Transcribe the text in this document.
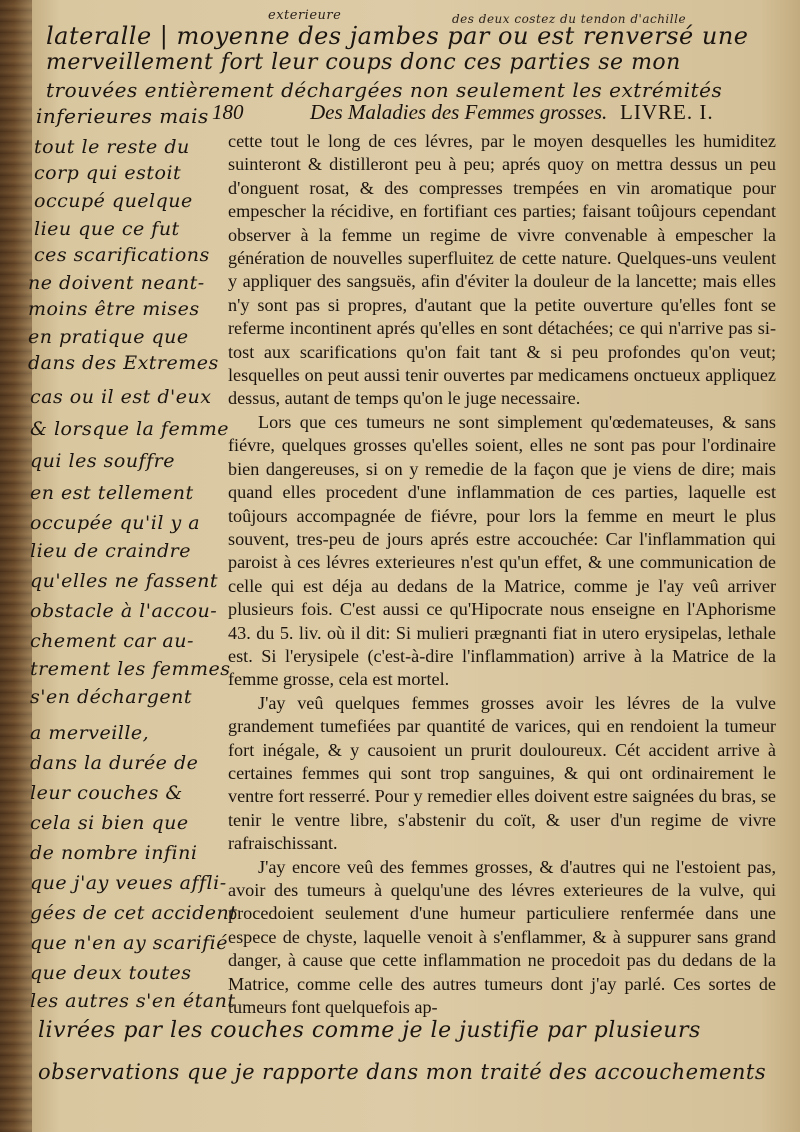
lateralle | moyenne des jambes par ou est renversé une
exterieure	des deux costez du tendon d'achille
merveillement fort leur coups donc ces parties se mon
trouvées entièrement déchargées non seulement les extrémités
inferieures mais 180	Des Maladies des Femmes grosses. LIVRE. I.
tout le reste du
corp qui estoit
occupé quelque
lieu que ce fut
ces scarifications
ne doivent neant-
moins être mises
en pratique que
dans des Extremes
cas ou il est d'eux
& lorsque la femme
qui les souffre
en est tellement
occupée qu'il y a
lieu de craindre
qu'elles ne fassent
obstacle à l'accou-
chement car au-
trement les femmes
s'en déchargent
a merveille,
dans la durée de
leur couches &
cela si bien que
de nombre infini
que j'ay veues affli-
gées de cet accident
que n'en ay scarifié
que deux toutes
les autres s'en étant

cette tout le long de ces lévres, par le moyen desquelles les humiditez suinteront & distilleront peu à peu; aprés quoy on mettra dessus un peu d'onguent rosat, & des compresses trempées en vin aromatique pour empescher la récidive, en fortifiant ces parties; faisant toûjours cependant observer à la femme un regime de vivre convenable à empescher la génération de nouvelles superfluitez de cette nature. Quelques-uns veulent y appliquer des sangsuës, afin d'éviter la douleur de la lancette; mais elles n'y sont pas si propres, d'autant que la petite ouverture qu'elles font se referme incontinent aprés qu'elles en sont détachées; ce qui n'arrive pas si-tost aux scarifications qu'on fait tant & si peu profondes qu'on veut; lesquelles on peut aussi tenir ouvertes par medicamens onctueux appliquez dessus, autant de temps qu'on le juge necessaire.

Lors que ces tumeurs ne sont simplement qu'œdemateuses, & sans fiévre, quelques grosses qu'elles soient, elles ne sont pas pour l'ordinaire bien dangereuses, si on y remedie de la façon que je viens de dire; mais quand elles procedent d'une inflammation de ces parties, laquelle est toûjours accompagnée de fiévre, pour lors la femme en meurt le plus souvent, tres-peu de jours aprés estre accouchée: Car l'inflammation qui paroist à ces lévres exterieures n'est qu'un effet, & une communication de celle qui est déja au dedans de la Matrice, comme je l'ay veû arriver plusieurs fois. C'est aussi ce qu'Hipocrate nous enseigne en l'Aphorisme 43. du 5. liv. où il dit: Si mulieri prægnanti fiat in utero erysipelas, lethale est. Si l'erysipele (c'est-à-dire l'inflammation) arrive à la Matrice de la femme grosse, cela est mortel.

J'ay veû quelques femmes grosses avoir les lévres de la vulve grandement tumefiées par quantité de varices, qui en rendoient la tumeur fort inégale, & y causoient un prurit douloureux. Cét accident arrive à certaines femmes qui sont trop sanguines, & qui ont ordinairement le ventre fort resserré. Pour y remedier elles doivent estre saignées du bras, se tenir le ventre libre, s'abstenir du coït, & user d'un regime de vivre rafraischissant.

J'ay encore veû des femmes grosses, & d'autres qui ne l'estoient pas, avoir des tumeurs à quelqu'une des lévres exterieures de la vulve, qui procedoient seulement d'une humeur particuliere renfermée dans une espece de chyste, laquelle venoit à s'enflammer, & à suppurer sans grand danger, à cause que cette inflammation ne procedoit pas du dedans de la Matrice, comme celle des autres tumeurs dont j'ay parlé. Ces sortes de tumeurs font quelquefois ap-

livrées par les couches comme je le justifie par plusieurs
observations que je rapporte dans mon traité des accouchements
